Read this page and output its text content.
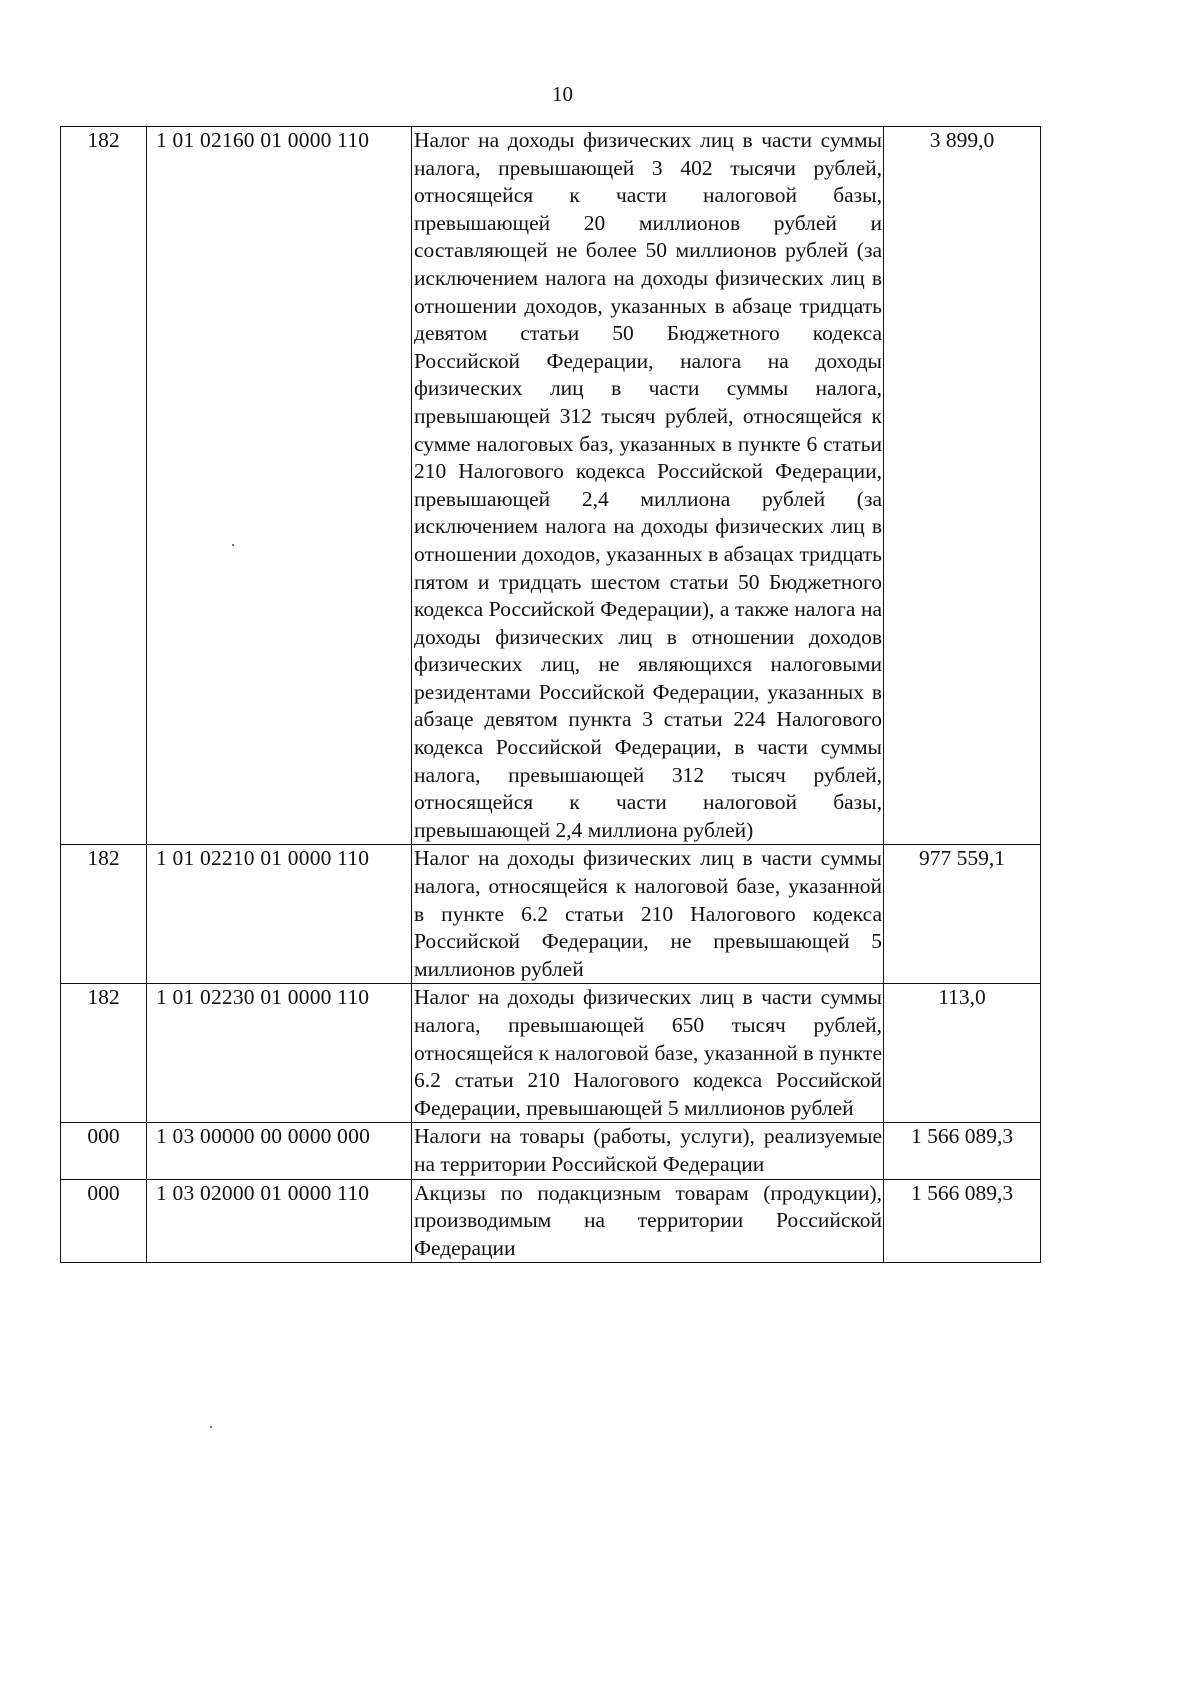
10
182	1 01 02160 01 0000 110	Налог на доходы физических лиц в части суммы налога, превышающей 3 402 тысячи рублей, относящейся к части налоговой базы, превышающей 20 миллионов рублей и составляющей не более 50 миллионов рублей (за исключением налога на доходы физических лиц в отношении доходов, указанных в абзаце тридцать девятом статьи 50 Бюджетного кодекса Российской Федерации, налога на доходы физических лиц в части суммы налога, превышающей 312 тысяч рублей, относящейся к сумме налоговых баз, указанных в пункте 6 статьи 210 Налогового кодекса Российской Федерации, превышающей 2,4 миллиона рублей (за исключением налога на доходы физических лиц в отношении доходов, указанных в абзацах тридцать пятом и тридцать шестом статьи 50 Бюджетного кодекса Российской Федерации), а также налога на доходы физических лиц в отношении доходов физических лиц, не являющихся налоговыми резидентами Российской Федерации, указанных в абзаце девятом пункта 3 статьи 224 Налогового кодекса Российской Федерации, в части суммы налога, превышающей 312 тысяч рублей, относящейся к части налоговой базы, превышающей 2,4 миллиона рублей)	3 899,0
182	1 01 02210 01 0000 110	Налог на доходы физических лиц в части суммы налога, относящейся к налоговой базе, указанной в пункте 6.2 статьи 210 Налогового кодекса Российской Федерации, не превышающей 5 миллионов рублей	977 559,1
182	1 01 02230 01 0000 110	Налог на доходы физических лиц в части суммы налога, превышающей 650 тысяч рублей, относящейся к налоговой базе, указанной в пункте 6.2 статьи 210 Налогового кодекса Российской Федерации, превышающей 5 миллионов рублей	113,0
000	1 03 00000 00 0000 000	Налоги на товары (работы, услуги), реализуемые на территории Российской Федерации	1 566 089,3
000	1 03 02000 01 0000 110	Акцизы по подакцизным товарам (продукции), производимым на территории Российской Федерации	1 566 089,3
